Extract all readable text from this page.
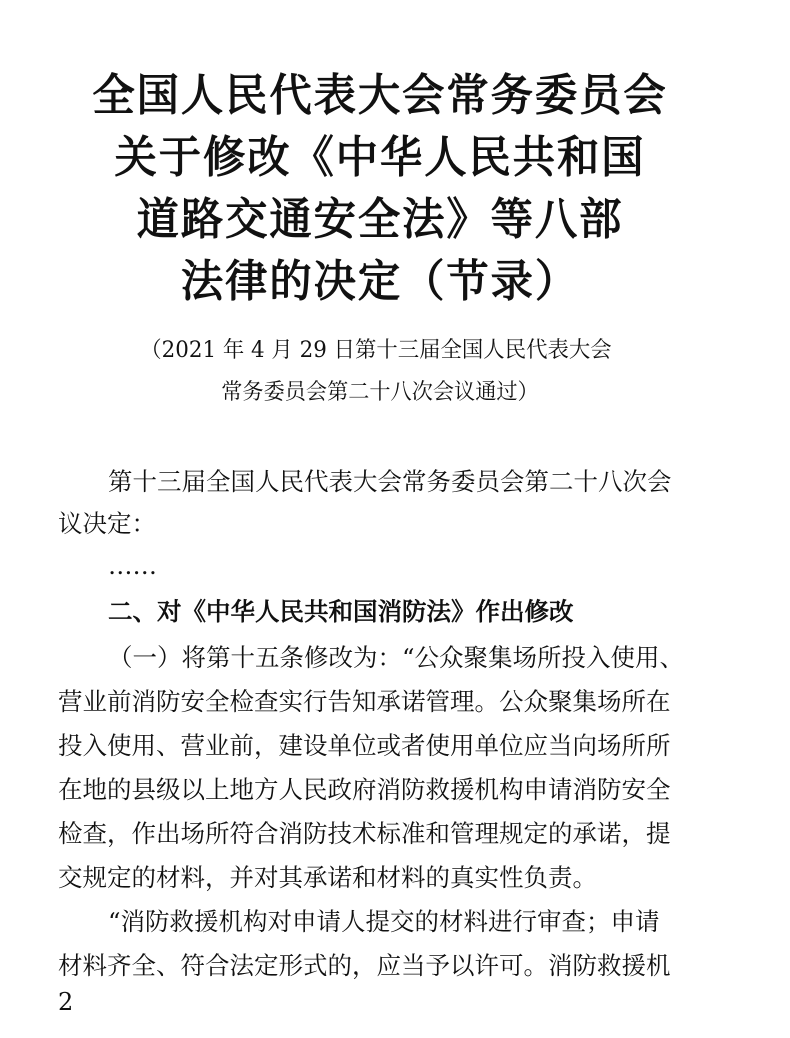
全国人民代表大会常务委员会
关于修改《中华人民共和国
道路交通安全法》等八部
法律的决定（节录）
（2021 年 4 月 29 日第十三届全国人民代表大会
常务委员会第二十八次会议通过）
第十三届全国人民代表大会常务委员会第二十八次会
议决定：
……
二、对《中华人民共和国消防法》作出修改
（一）将第十五条修改为：“公众聚集场所投入使用、
营业前消防安全检查实行告知承诺管理。公众聚集场所在
投入使用、营业前，建设单位或者使用单位应当向场所所
在地的县级以上地方人民政府消防救援机构申请消防安全
检查，作出场所符合消防技术标准和管理规定的承诺，提
交规定的材料，并对其承诺和材料的真实性负责。
“消防救援机构对申请人提交的材料进行审查；申请
材料齐全、符合法定形式的，应当予以许可。消防救援机
2
